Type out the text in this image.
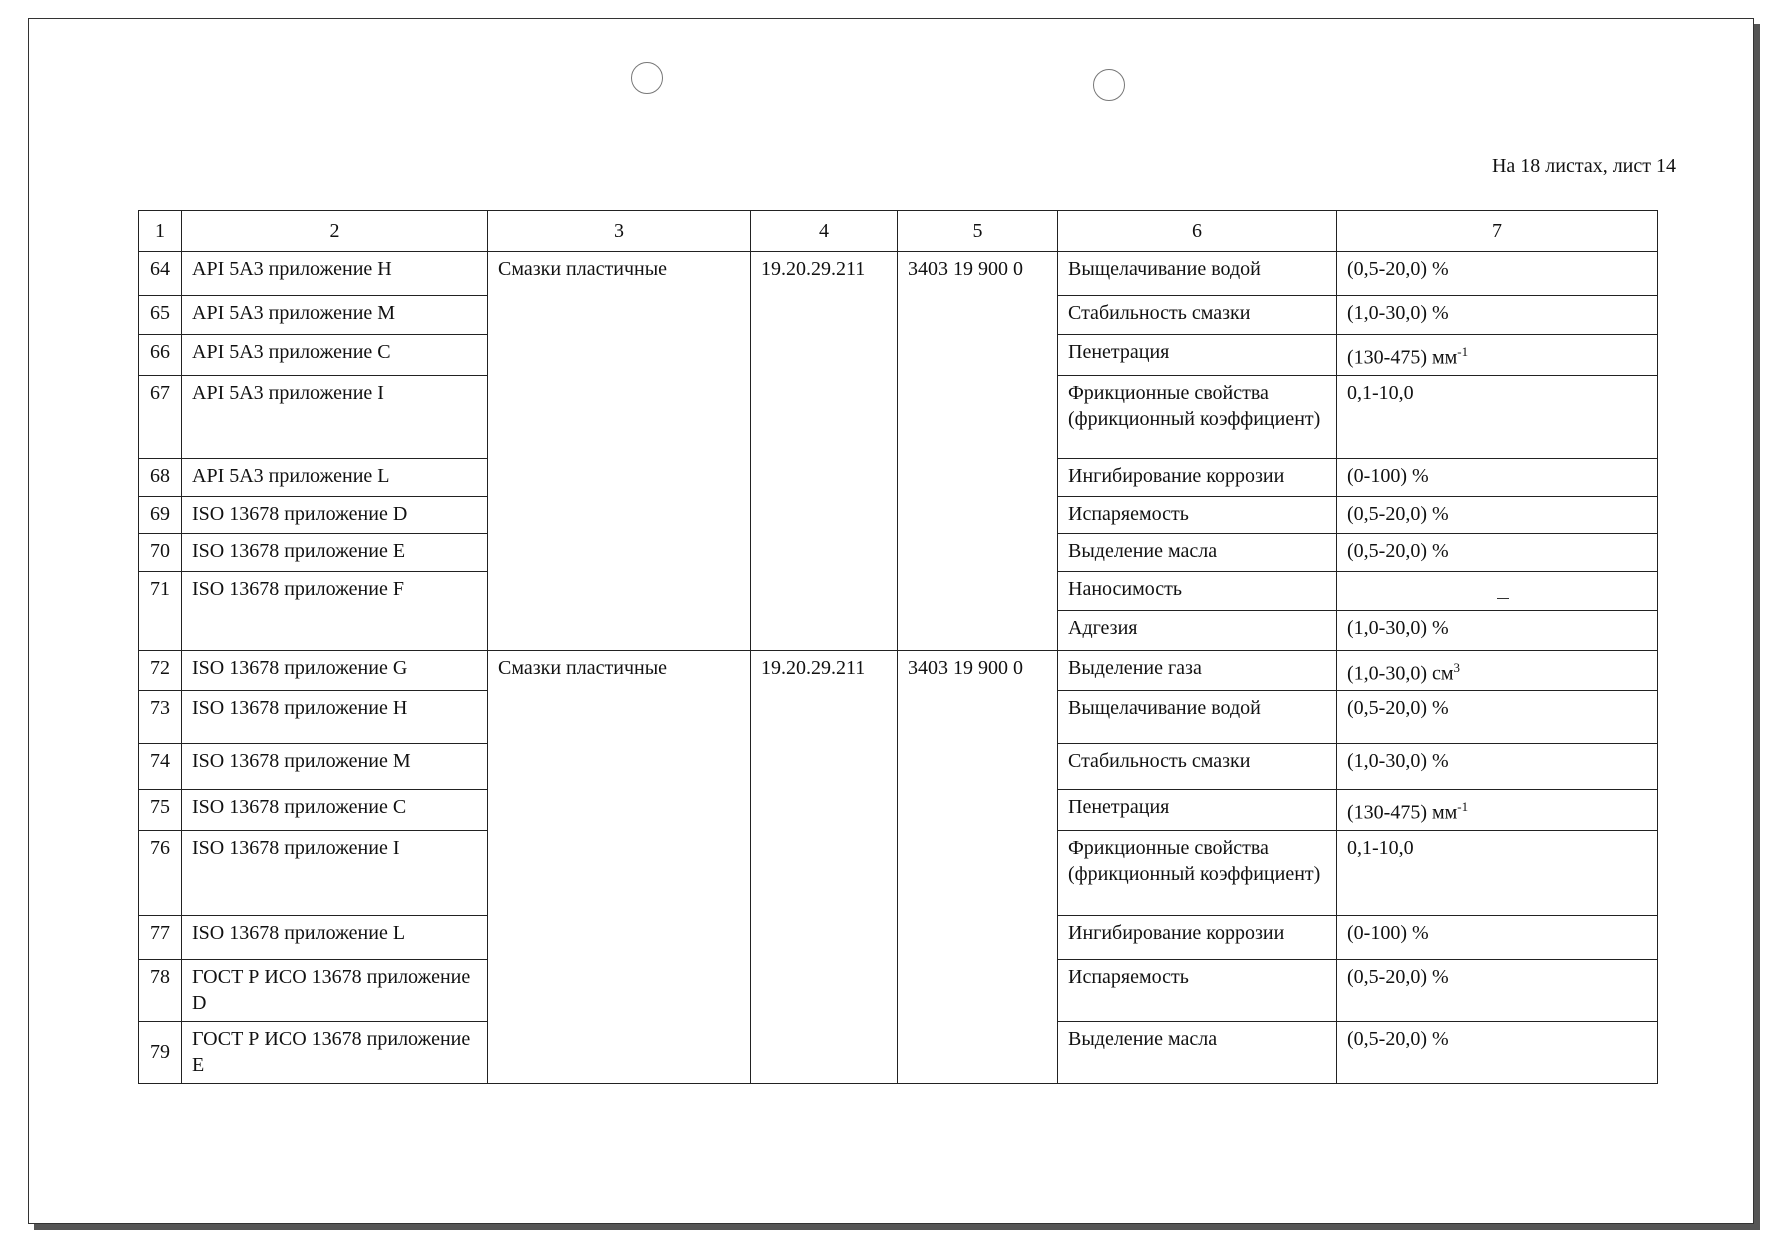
На 18 листах, лист 14
1	2	3	4	5	6	7
64	API 5A3 приложение H	Смазки пластичные	19.20.29.211	3403 19 900 0	Выщелачивание водой	(0,5-20,0) %
65	API 5A3 приложение M				Стабильность смазки	(1,0-30,0) %
66	API 5A3 приложение C				Пенетрация	(130-475) $мм^{-1}$
67	API 5A3 приложение I				Фрикционные свойства (фрикционный коэффициент)	0,1-10,0
68	API 5A3 приложение L				Ингибирование коррозии	(0-100) %
69	ISO 13678 приложение D				Испаряемость	(0,5-20,0) %
70	ISO 13678 приложение E				Выделение масла	(0,5-20,0) %
71	ISO 13678 приложение F				Наносимость	
					Адгезия	(1,0-30,0) %
72	ISO 13678 приложение G	Смазки пластичные	19.20.29.211	3403 19 900 0	Выделение газа	(1,0-30,0) $см^3$
73	ISO 13678 приложение H				Выщелачивание водой	(0,5-20,0) %
74	ISO 13678 приложение M				Стабильность смазки	(1,0-30,0) %
75	ISO 13678 приложение C				Пенетрация	(130-475) $мм^{-1}$
76	ISO 13678 приложение I				Фрикционные свойства (фрикционный коэффициент)	0,1-10,0
77	ISO 13678 приложение L				Ингибирование коррозии	(0-100) %
78	ГОСТ Р ИСО 13678 приложение D				Испаряемость	(0,5-20,0) %
79	ГОСТ Р ИСО 13678 приложение E				Выделение масла	(0,5-20,0) %
